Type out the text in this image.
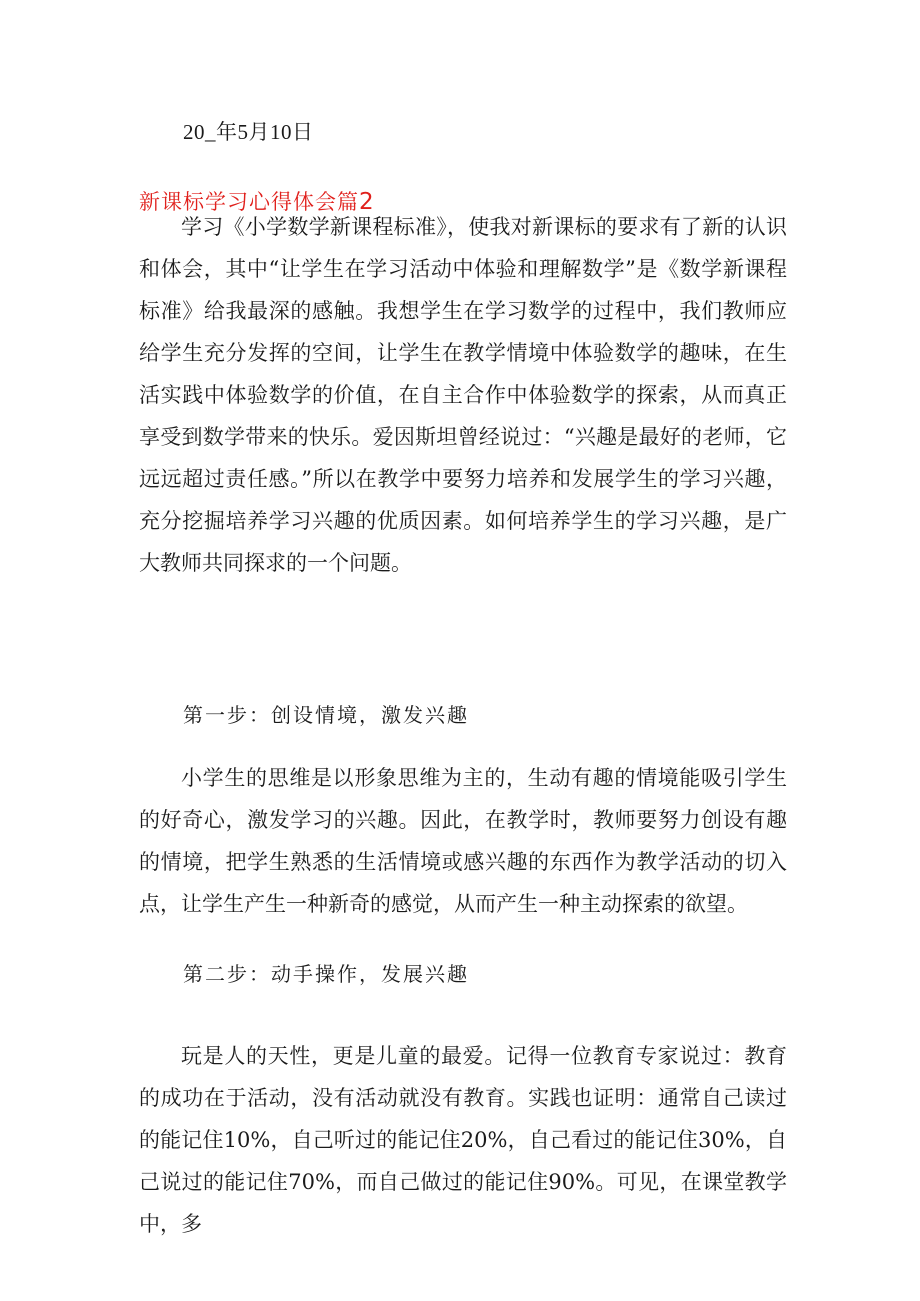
20_年5月10日
新课标学习心得体会篇2

学习《小学数学新课程标准》，使我对新课标的要求有了新的认识和体会，其中“让学生在学习活动中体验和理解数学”是《数学新课程标准》给我最深的感触。我想学生在学习数学的过程中，我们教师应给学生充分发挥的空间，让学生在教学情境中体验数学的趣味，在生活实践中体验数学的价值，在自主合作中体验数学的探索，从而真正享受到数学带来的快乐。爱因斯坦曾经说过：“兴趣是最好的老师，它远远超过责任感。”所以在教学中要努力培养和发展学生的学习兴趣，充分挖掘培养学习兴趣的优质因素。如何培养学生的学习兴趣，是广大教师共同探求的一个问题。

第一步：创设情境，激发兴趣

小学生的思维是以形象思维为主的，生动有趣的情境能吸引学生的好奇心，激发学习的兴趣。因此，在教学时，教师要努力创设有趣的情境，把学生熟悉的生活情境或感兴趣的东西作为教学活动的切入点，让学生产生一种新奇的感觉，从而产生一种主动探索的欲望。

第二步：动手操作，发展兴趣

玩是人的天性，更是儿童的最爱。记得一位教育专家说过：教育的成功在于活动，没有活动就没有教育。实践也证明：通常自己读过的能记住10%，自己听过的能记住20%，自己看过的能记住30%，自己说过的能记住70%，而自己做过的能记住90%。可见，在课堂教学中，多
